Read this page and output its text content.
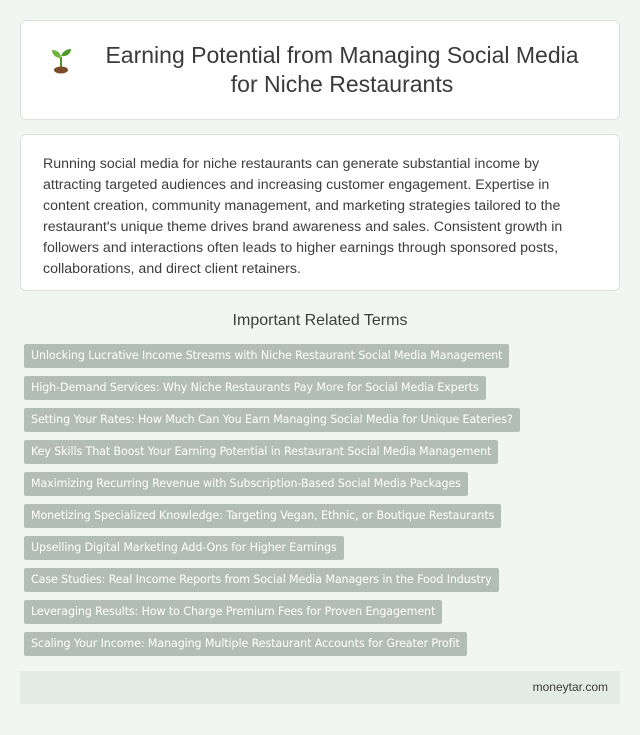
Earning Potential from Managing Social Media for Niche Restaurants

Running social media for niche restaurants can generate substantial income by attracting targeted audiences and increasing customer engagement. Expertise in content creation, community management, and marketing strategies tailored to the restaurant's unique theme drives brand awareness and sales. Consistent growth in followers and interactions often leads to higher earnings through sponsored posts, collaborations, and direct client retainers.

Important Related Terms
Unlocking Lucrative Income Streams with Niche Restaurant Social Media Management
High-Demand Services: Why Niche Restaurants Pay More for Social Media Experts
Setting Your Rates: How Much Can You Earn Managing Social Media for Unique Eateries?
Key Skills That Boost Your Earning Potential in Restaurant Social Media Management
Maximizing Recurring Revenue with Subscription-Based Social Media Packages
Monetizing Specialized Knowledge: Targeting Vegan, Ethnic, or Boutique Restaurants
Upselling Digital Marketing Add-Ons for Higher Earnings
Case Studies: Real Income Reports from Social Media Managers in the Food Industry
Leveraging Results: How to Charge Premium Fees for Proven Engagement
Scaling Your Income: Managing Multiple Restaurant Accounts for Greater Profit
moneytar.com
